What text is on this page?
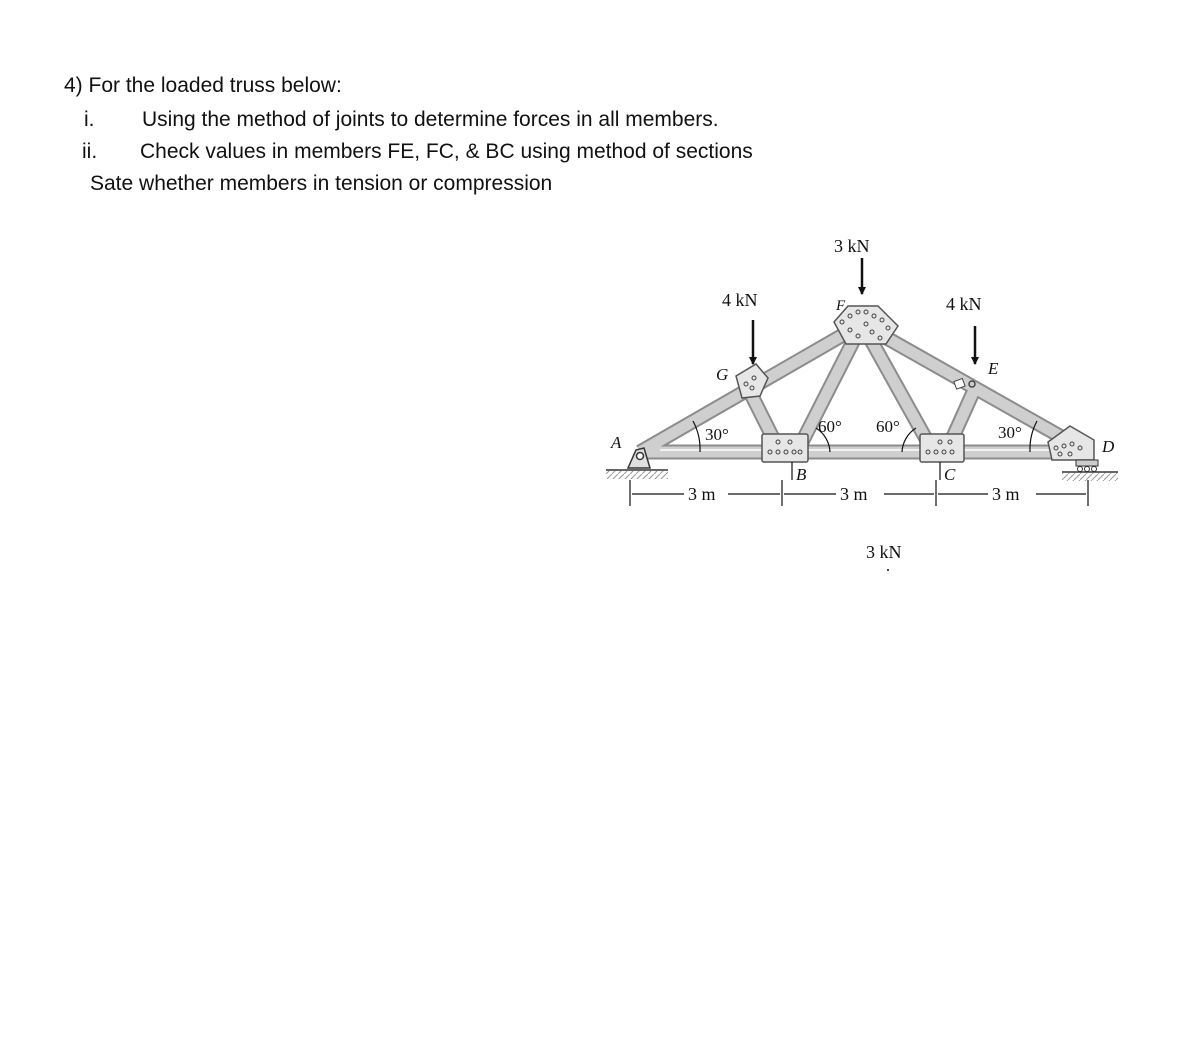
4) For the loaded truss below:
i. Using the method of joints to determine forces in all members.
ii. Check values in members FE, FC, & BC using method of sections
Sate whether members in tension or compression
3 kN
4 kN	4 kN
3 kN
A
G
F
E
B	C
D
30°	60° 60°	30°
3 m	3 m	3 m
